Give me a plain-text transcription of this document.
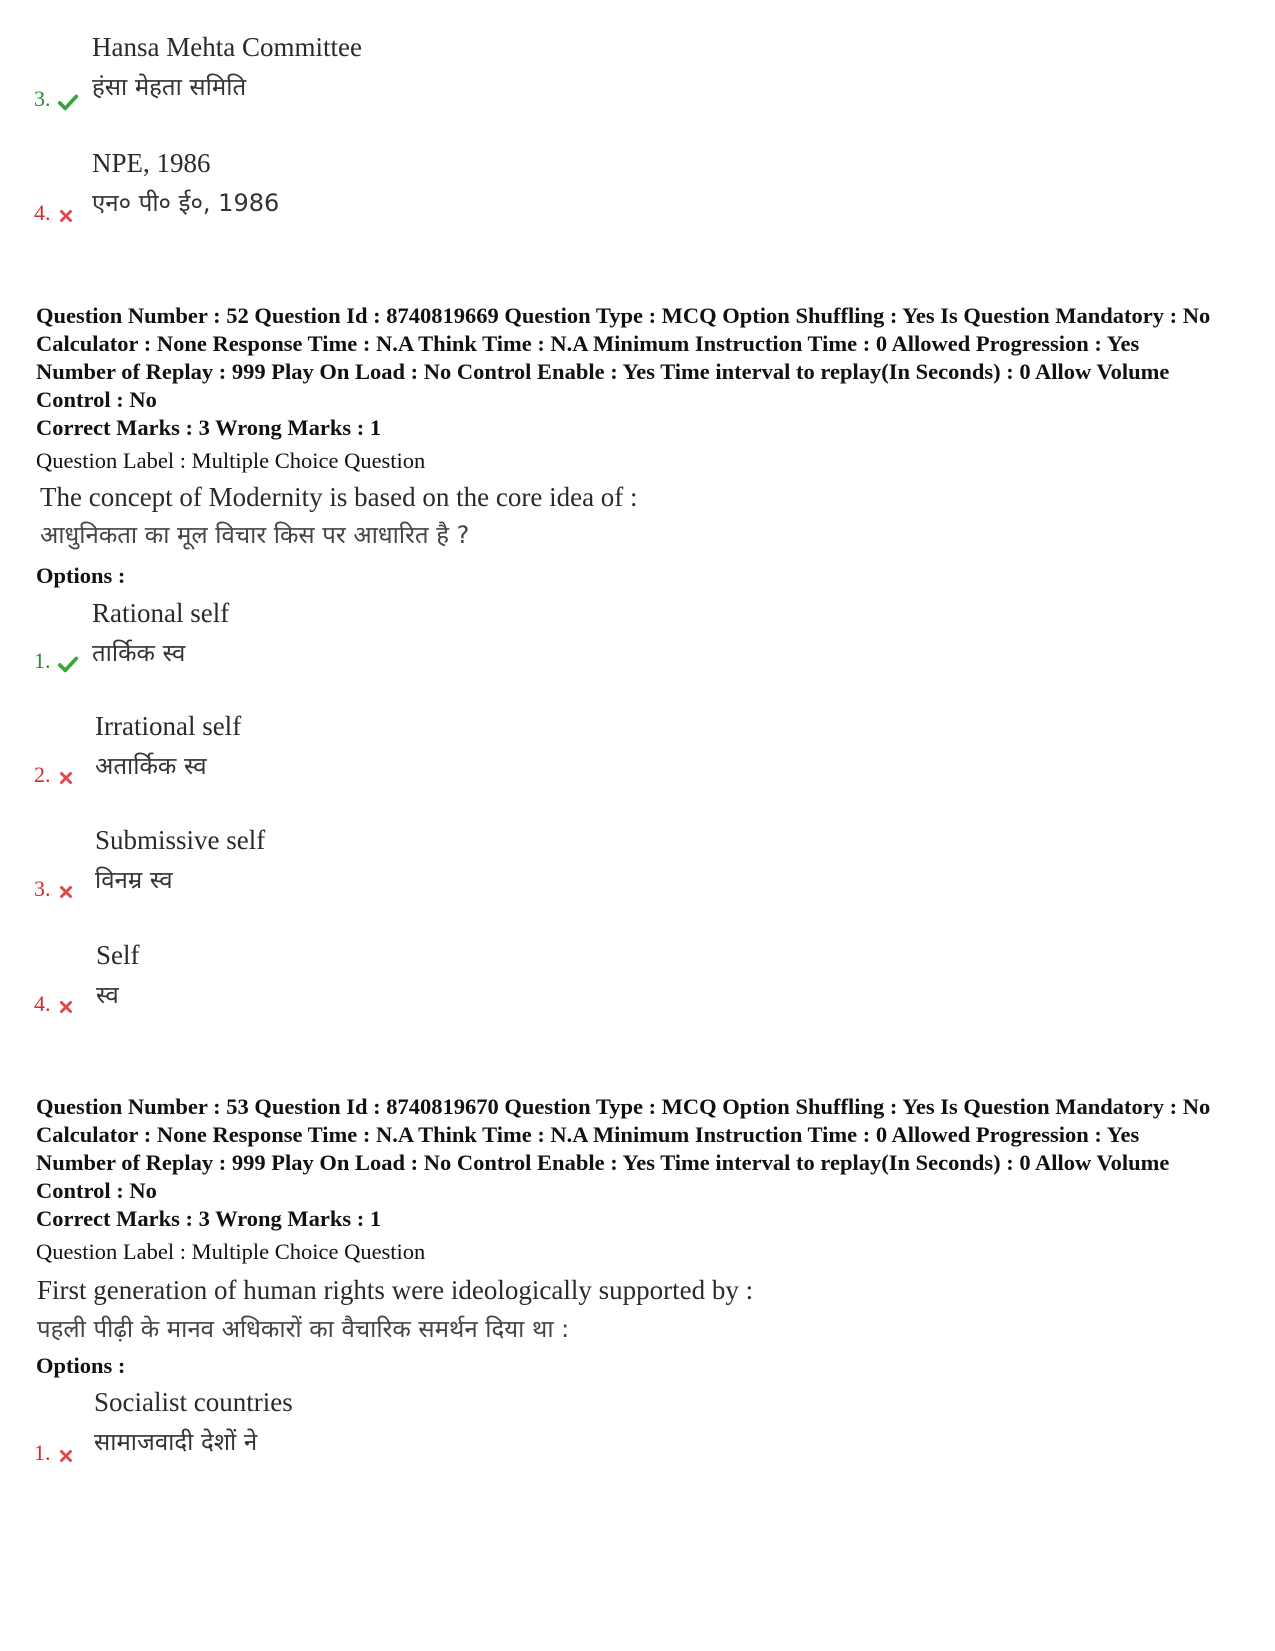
Hansa Mehta Committee
हंसा मेहता समिति
3.
NPE, 1986
एन० पी० ई०, 1986
4.
Question Number : 52 Question Id : 8740819669 Question Type : MCQ Option Shuffling : Yes Is Question Mandatory : No Calculator : None Response Time : N.A Think Time : N.A Minimum Instruction Time : 0 Allowed Progression : Yes Number of Replay : 999 Play On Load : No Control Enable : Yes Time interval to replay(In Seconds) : 0 Allow Volume Control : No
Correct Marks : 3 Wrong Marks : 1
Question Label : Multiple Choice Question
The concept of Modernity is based on the core idea of :
आधुनिकता का मूल विचार किस पर आधारित है ?
Options :
Rational self
तार्किक स्व
1.
Irrational self
अतार्किक स्व
2.
Submissive self
विनम्र स्व
3.
Self
स्व
4.
Question Number : 53 Question Id : 8740819670 Question Type : MCQ Option Shuffling : Yes Is Question Mandatory : No Calculator : None Response Time : N.A Think Time : N.A Minimum Instruction Time : 0 Allowed Progression : Yes Number of Replay : 999 Play On Load : No Control Enable : Yes Time interval to replay(In Seconds) : 0 Allow Volume Control : No
Correct Marks : 3 Wrong Marks : 1
Question Label : Multiple Choice Question
First generation of human rights were ideologically supported by :
पहली पीढ़ी के मानव अधिकारों का वैचारिक समर्थन दिया था :
Options :
Socialist countries
सामाजवादी देशों ने
1.
